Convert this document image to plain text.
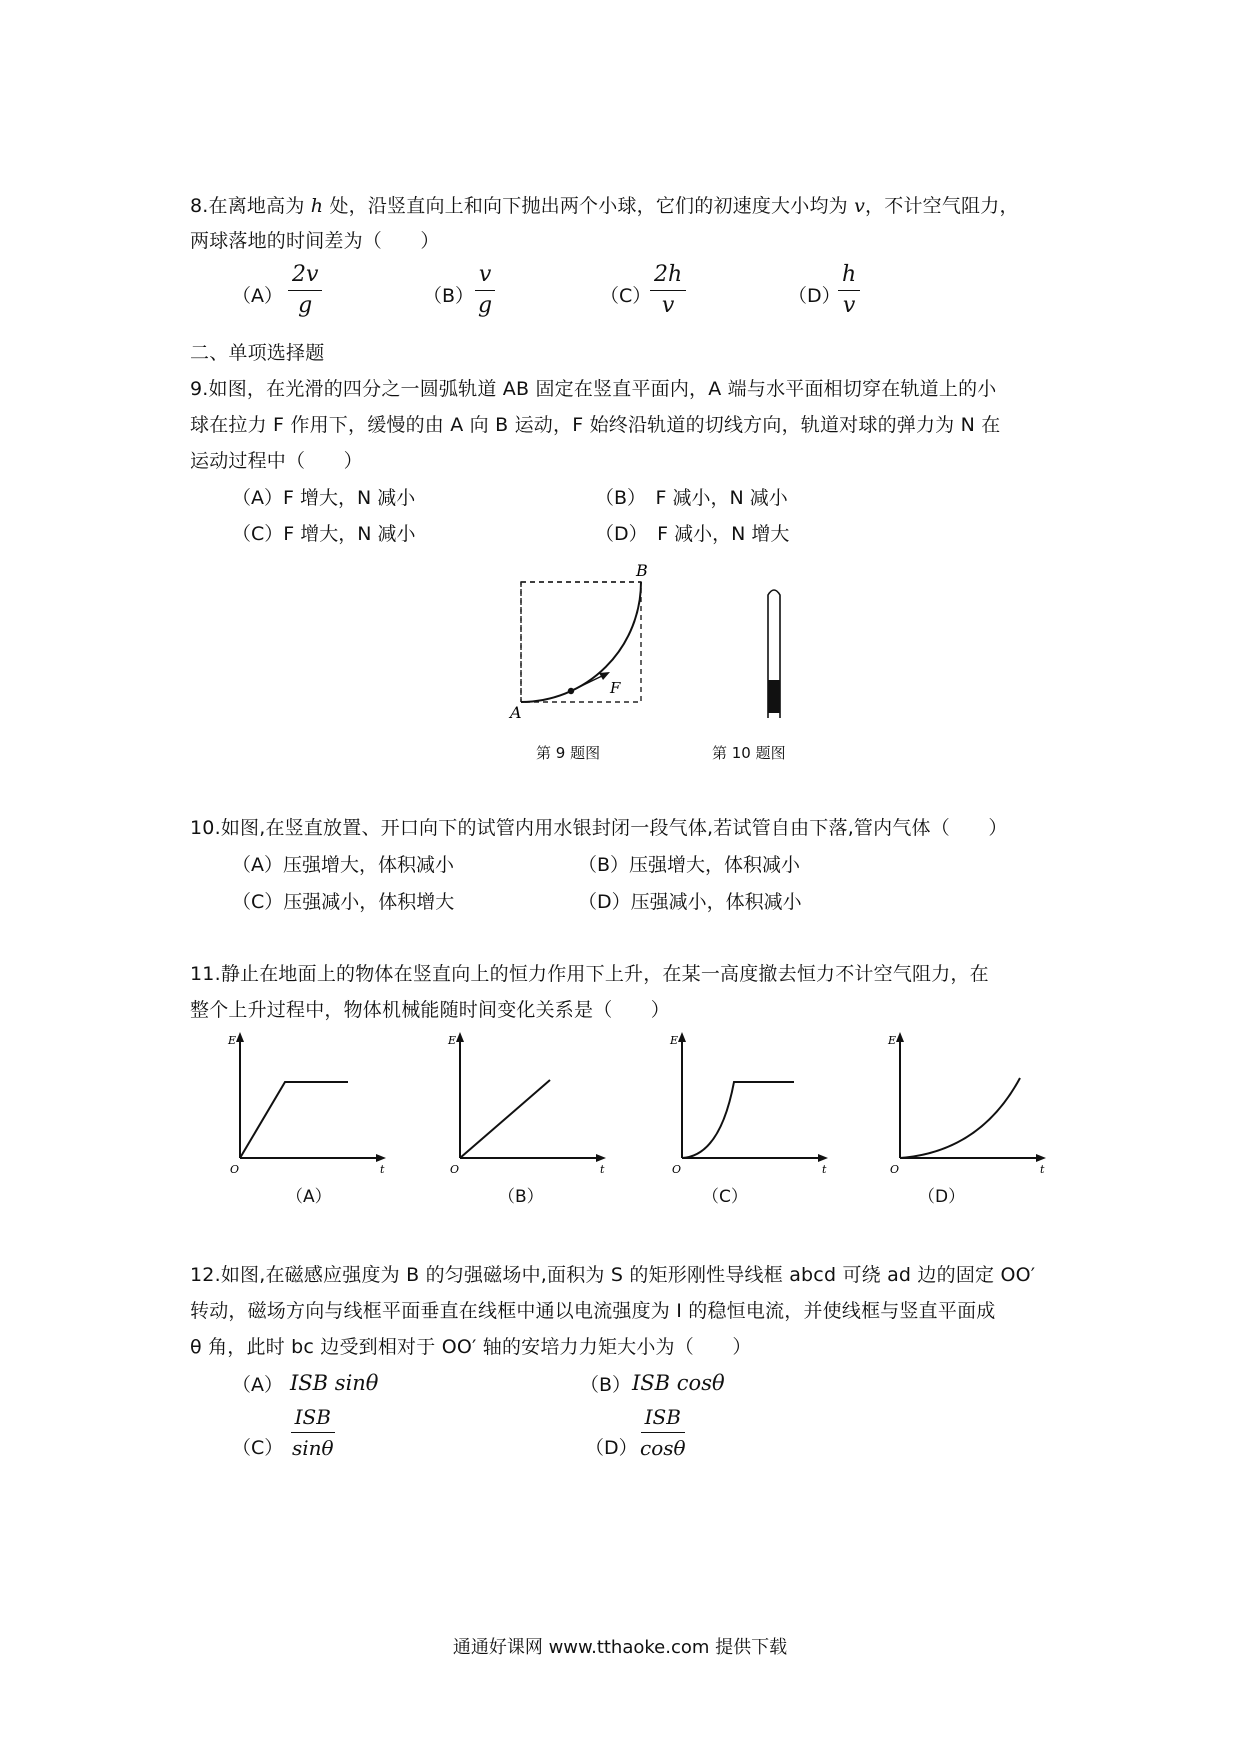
8.在离地高为 h 处，沿竖直向上和向下抛出两个小球，它们的初速度大小均为 v，不计空气阻力，
两球落地的时间差为（　　）
$(A) \frac{2v}{g}$	$(B) \frac{v}{g}$	（C）
$\frac{2h}{v}$	（D）
$\frac{h}{v}$
二、单项选择题
9.如图，在光滑的四分之一圆弧轨道 AB 固定在竖直平面内，A 端与水平面相切穿在轨道上的小
球在拉力 F 作用下，缓慢的由 A 向 B 运动，F 始终沿轨道的切线方向，轨道对球的弹力为 N 在
运动过程中（　　）
（A）F 增大，N 减小	（B）　F 减小，N 减小
（C）F 增大，N 减小	（D）　F 减小，N 增大
A
B
F
第 9 题图	第 10 题图
10.如图,在竖直放置、开口向下的试管内用水银封闭一段气体,若试管自由下落,管内气体（　　）
（A）压强增大，体积减小	（B）压强增大，体积减小
（C）压强减小，体积增大	（D）压强减小，体积减小
11.静止在地面上的物体在竖直向上的恒力作用下上升，在某一高度撤去恒力不计空气阻力，在
整个上升过程中，物体机械能随时间变化关系是（　　）
E
O	t
（A）
E
O	t
（B）
E
O	t
（C）
E
O	t
（D）
12.如图,在磁感应强度为 B 的匀强磁场中,面积为 S 的矩形刚性导线框 abcd 可绕 ad 边的固定 OO′
转动，磁场方向与线框平面垂直在线框中通以电流强度为 I 的稳恒电流，并使线框与竖直平面成
θ 角，此时 bc 边受到相对于 OO′ 轴的安培力力矩大小为（　　）
（A） ISB sinθ	（B） ISB cosθ
（C）
ISB
sinθ	（D）
ISB
cosθ
通通好课网 www.tthaoke.com 提供下载
